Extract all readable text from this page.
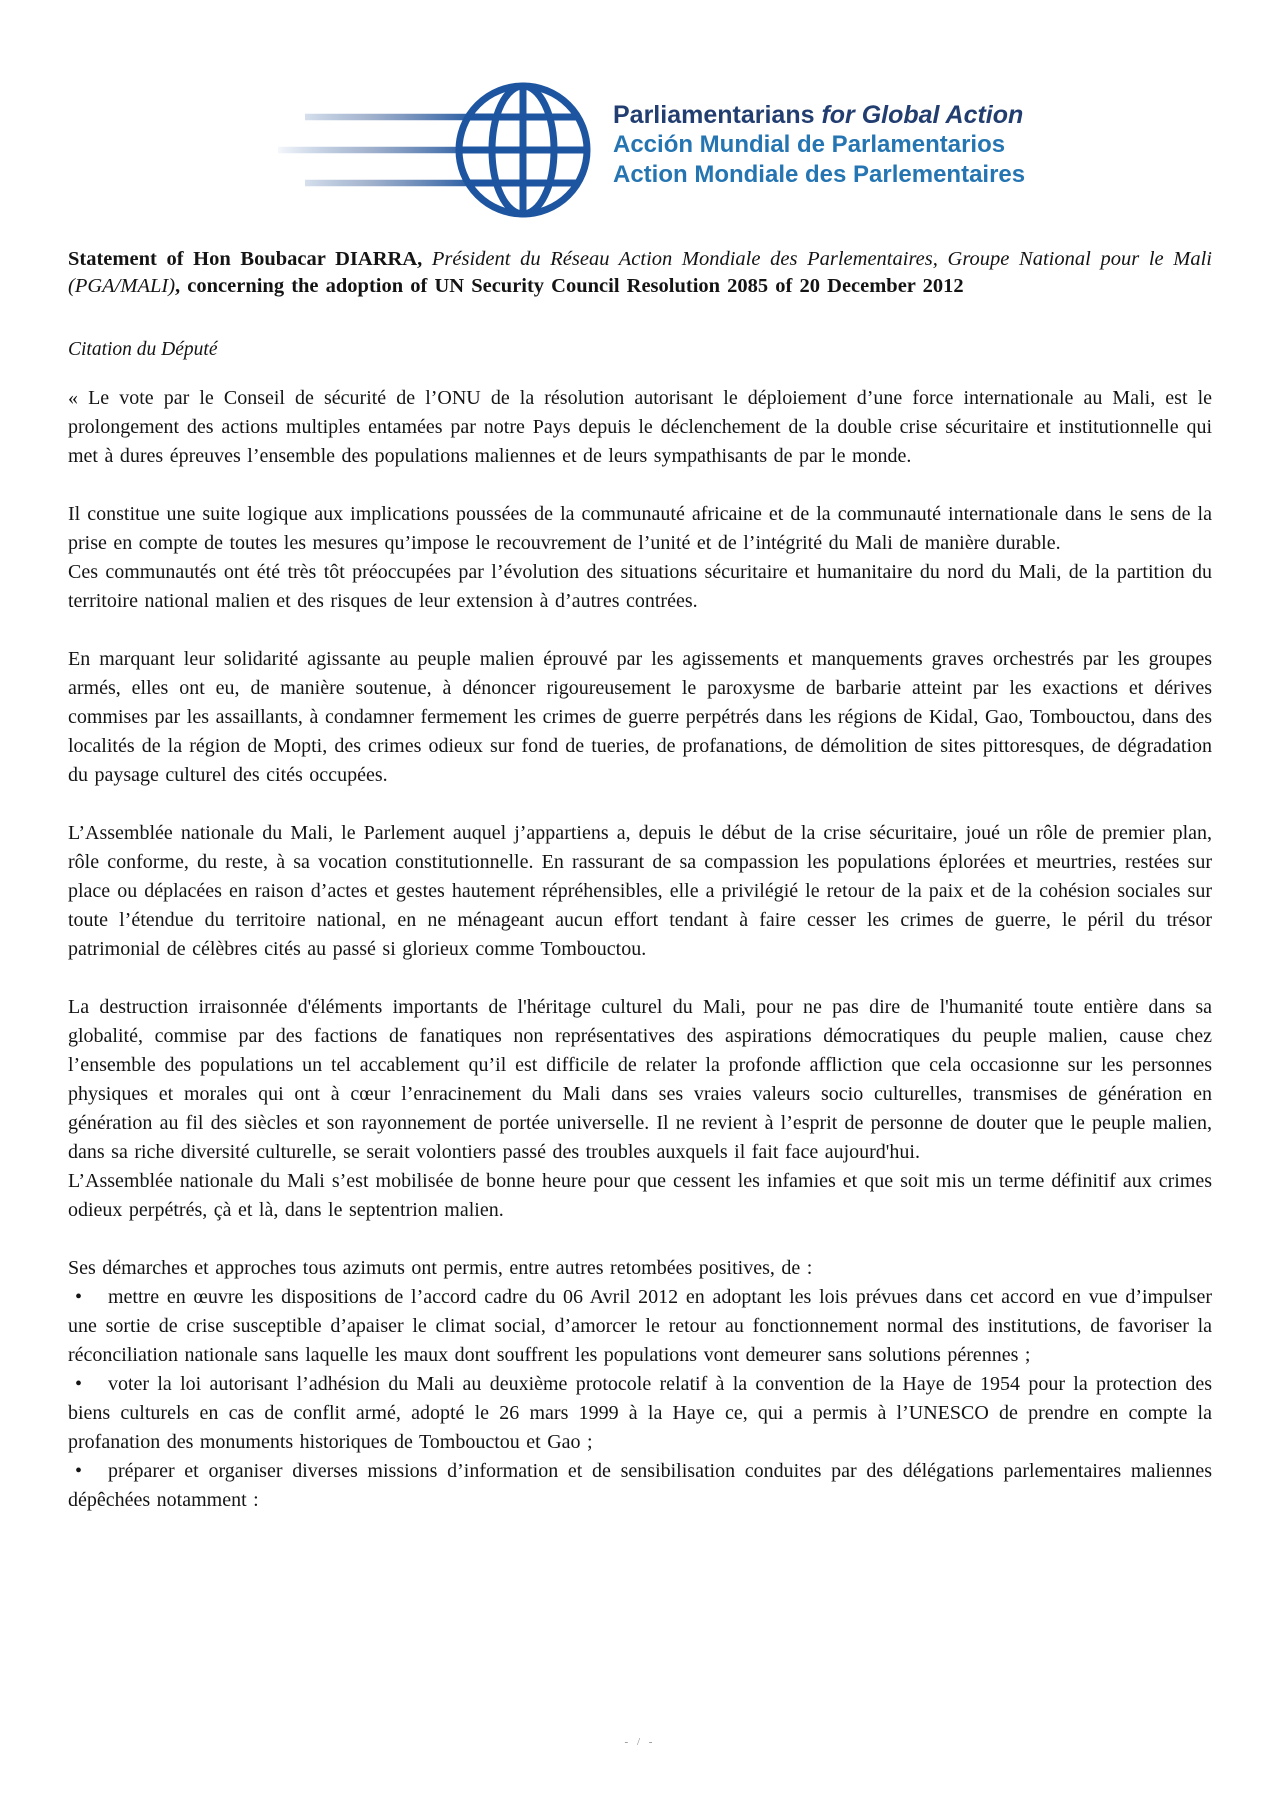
Parliamentarians for Global Action
Acción Mundial de Parlamentarios
Action Mondiale des Parlementaires

Statement of Hon Boubacar DIARRA, Président du Réseau Action Mondiale des Parlementaires, Groupe National pour le Mali (PGA/MALI), concerning the adoption of UN Security Council Resolution 2085 of 20 December 2012

Citation du Député

« Le vote par le Conseil de sécurité de l’ONU de la résolution autorisant le déploiement d’une force internationale au Mali, est le prolongement des actions multiples entamées par notre Pays depuis le déclenchement de la double crise sécuritaire et institutionnelle qui met à dures épreuves l’ensemble des populations maliennes et de leurs sympathisants de par le monde.

Il constitue une suite logique aux implications poussées de la communauté africaine et de la communauté internationale dans le sens de la prise en compte de toutes les mesures qu’impose le recouvrement de l’unité et de l’intégrité du Mali de manière durable.

Ces communautés ont été très tôt préoccupées par l’évolution des situations sécuritaire et humanitaire du nord du Mali, de la partition du territoire national malien et des risques de leur extension à d’autres contrées.

En marquant leur solidarité agissante au peuple malien éprouvé par les agissements et manquements graves orchestrés par les groupes armés, elles ont eu, de manière soutenue, à dénoncer rigoureusement le paroxysme de barbarie atteint par les exactions et dérives commises par les assaillants, à condamner fermement les crimes de guerre perpétrés dans les régions de Kidal, Gao, Tombouctou, dans des localités de la région de Mopti, des crimes odieux sur fond de tueries, de profanations, de démolition de sites pittoresques, de dégradation du paysage culturel des cités occupées.

L’Assemblée nationale du Mali, le Parlement auquel j’appartiens a, depuis le début de la crise sécuritaire, joué un rôle de premier plan, rôle conforme, du reste, à sa vocation constitutionnelle. En rassurant de sa compassion les populations éplorées et meurtries, restées sur place ou déplacées en raison d’actes et gestes hautement répréhensibles, elle a privilégié le retour de la paix et de la cohésion sociales sur toute l’étendue du territoire national, en ne ménageant aucun effort tendant à faire cesser les crimes de guerre, le péril du trésor patrimonial de célèbres cités au passé si glorieux comme Tombouctou.

La destruction irraisonnée d'éléments importants de l'héritage culturel du Mali, pour ne pas dire de l'humanité toute entière dans sa globalité, commise par des factions de fanatiques non représentatives des aspirations démocratiques du peuple malien, cause chez l’ensemble des populations un tel accablement qu’il est difficile de relater la profonde affliction que cela occasionne sur les personnes physiques et morales qui ont à cœur l’enracinement du Mali dans ses vraies valeurs socio culturelles, transmises de génération en génération au fil des siècles et son rayonnement de portée universelle. Il ne revient à l’esprit de personne de douter que le peuple malien, dans sa riche diversité culturelle, se serait volontiers passé des troubles auxquels il fait face aujourd'hui.

L’Assemblée nationale du Mali s’est mobilisée de bonne heure pour que cessent les infamies et que soit mis un terme définitif aux crimes odieux perpétrés, çà et là, dans le septentrion malien.

Ses démarches et approches tous azimuts ont permis, entre autres retombées positives, de :

• mettre en œuvre les dispositions de l’accord cadre du 06 Avril 2012 en adoptant les lois prévues dans cet accord en vue d’impulser une sortie de crise susceptible d’apaiser le climat social, d’amorcer le retour au fonctionnement normal des institutions, de favoriser la réconciliation nationale sans laquelle les maux dont souffrent les populations vont demeurer sans solutions pérennes ;

• voter la loi autorisant l’adhésion du Mali au deuxième protocole relatif à la convention de la Haye de 1954 pour la protection des biens culturels en cas de conflit armé, adopté le 26 mars 1999 à la Haye ce, qui a permis à l’UNESCO de prendre en compte la profanation des monuments historiques de Tombouctou et Gao ;

• préparer et organiser diverses missions d’information et de sensibilisation conduites par des délégations parlementaires maliennes dépêchées notamment :

- / -
